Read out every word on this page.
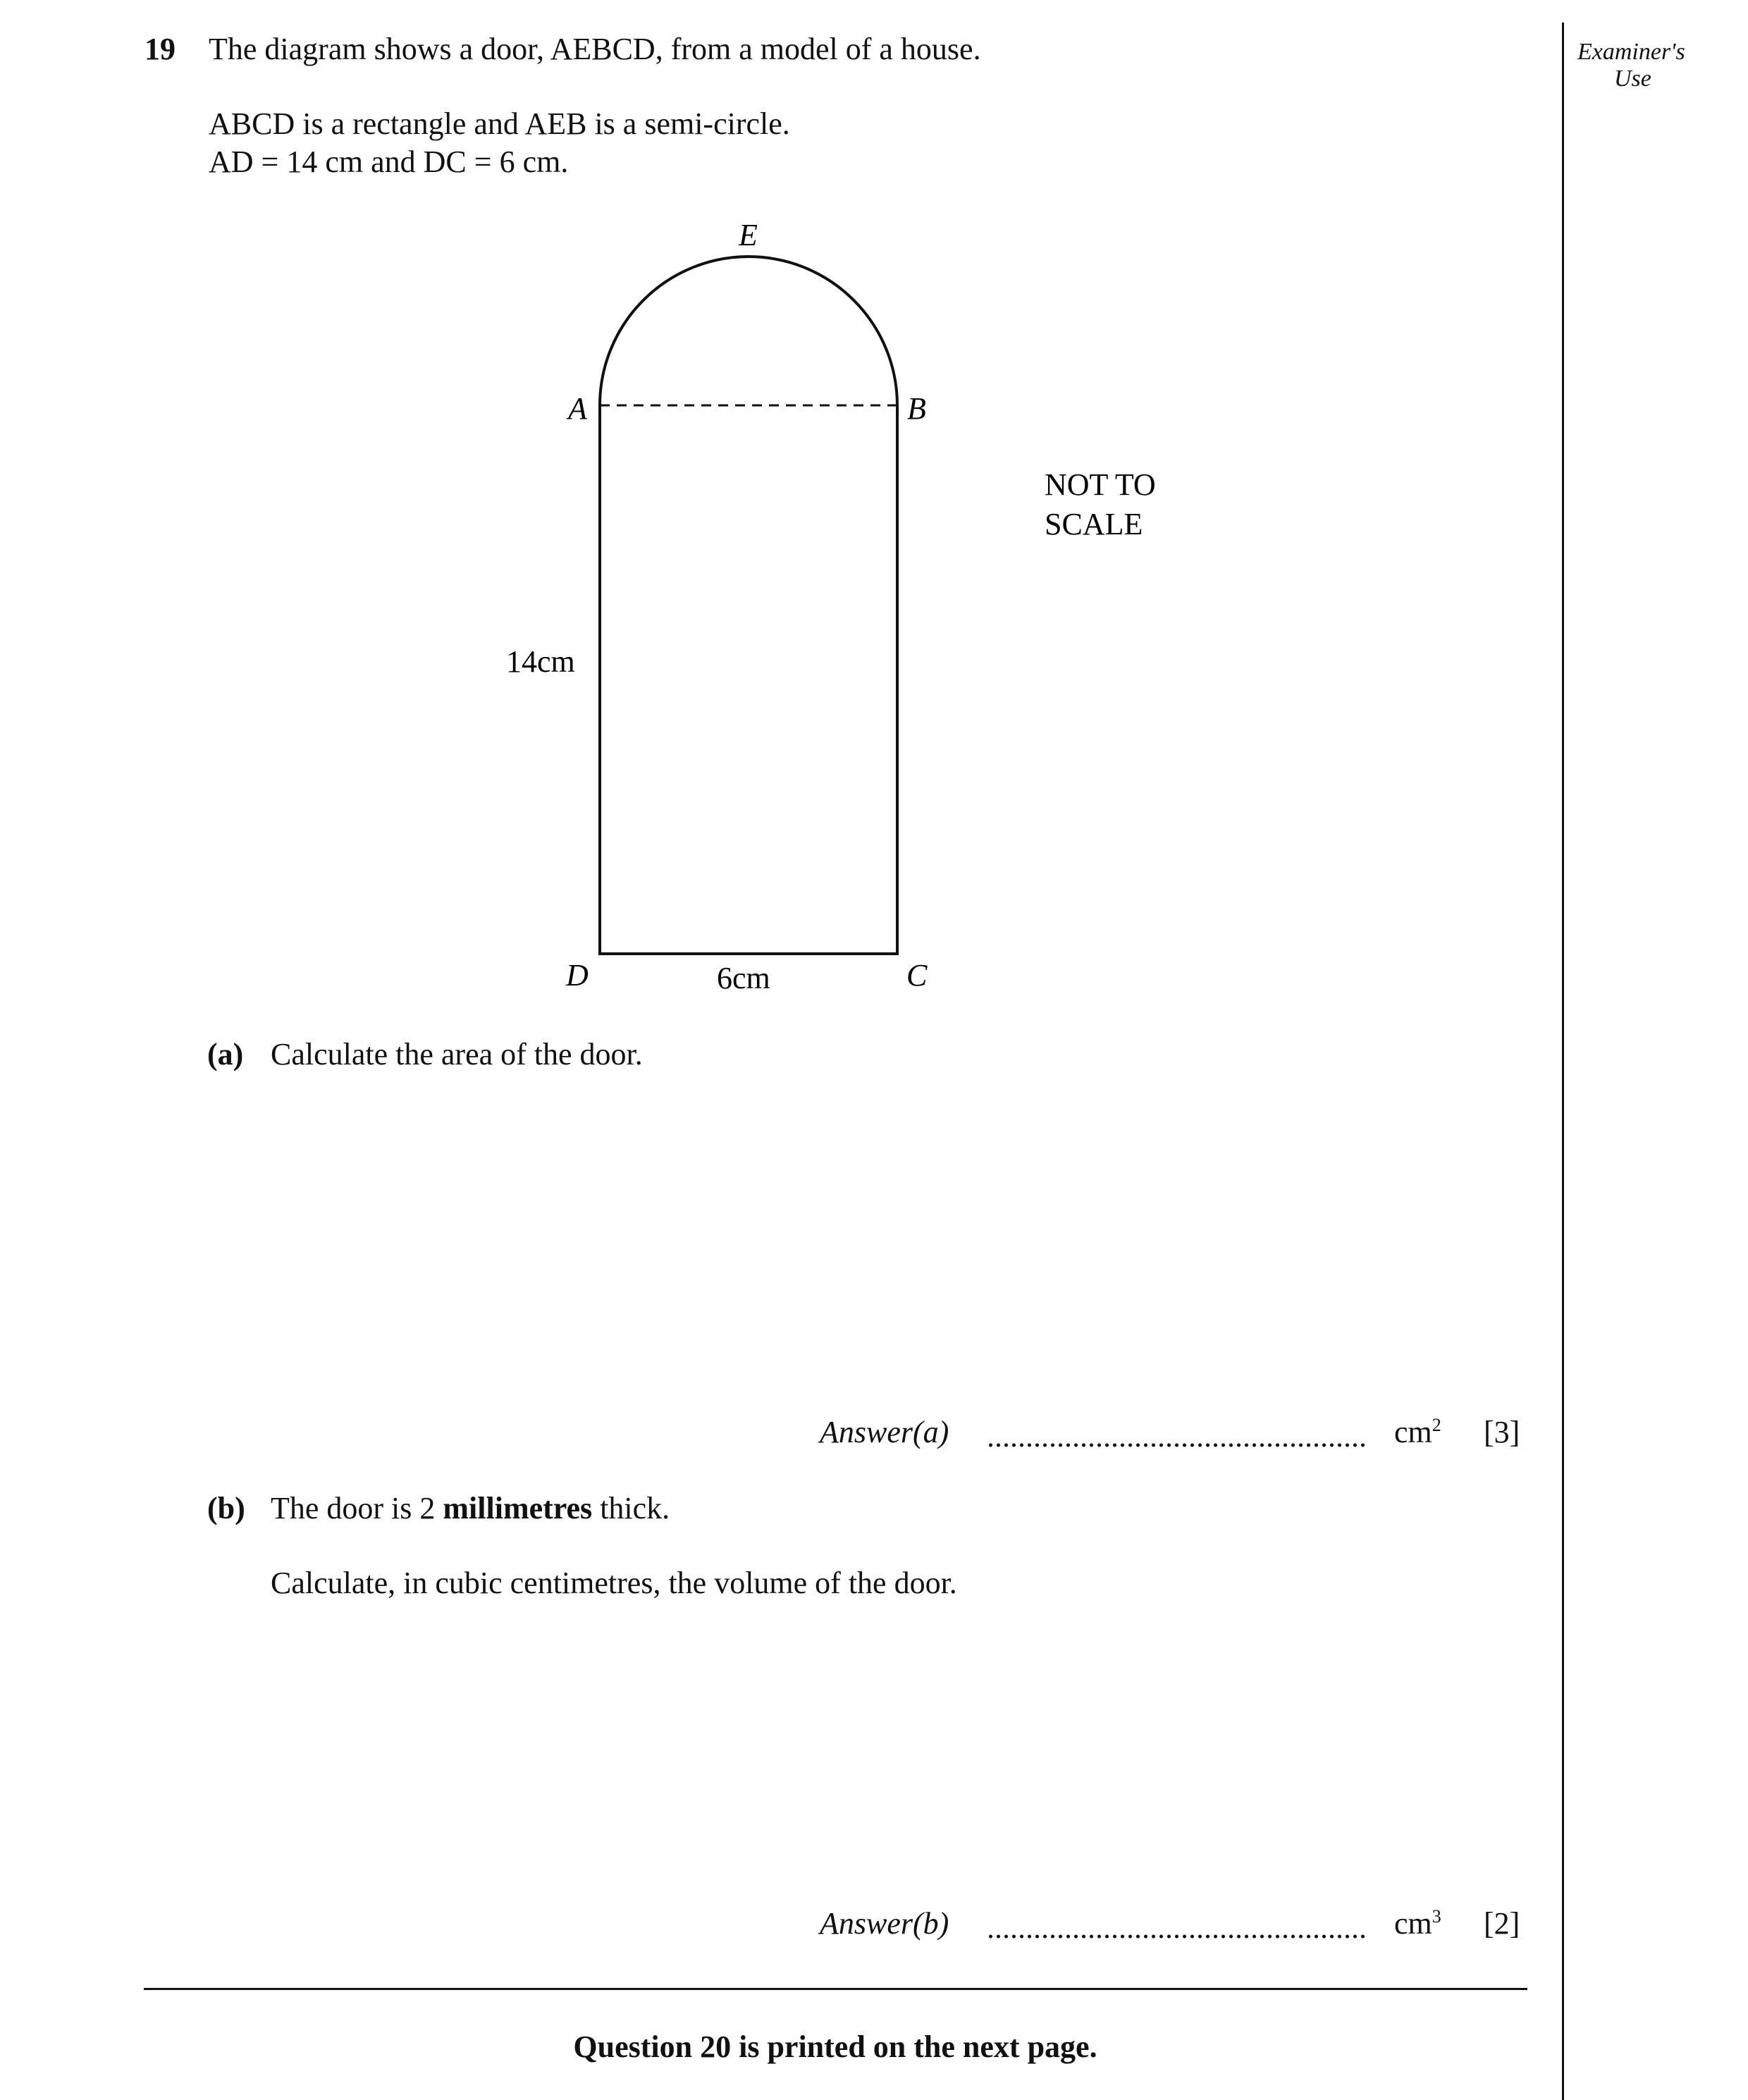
Examiner's
Use
19 The diagram shows a door, AEBCD, from a model of a house.
ABCD is a rectangle and AEB is a semi-circle.
AD = 14 cm and DC = 6 cm.
E
A	B
D	C
14cm
6cm
NOT TO
SCALE
(a) Calculate the area of the door.
Answer(a)	$cm^2$ [3]
(b) The door is 2 millimetres thick.
Calculate, in cubic centimetres, the volume of the door.
Answer(b)	$cm^3$ [2]
Question 20 is printed on the next page.
